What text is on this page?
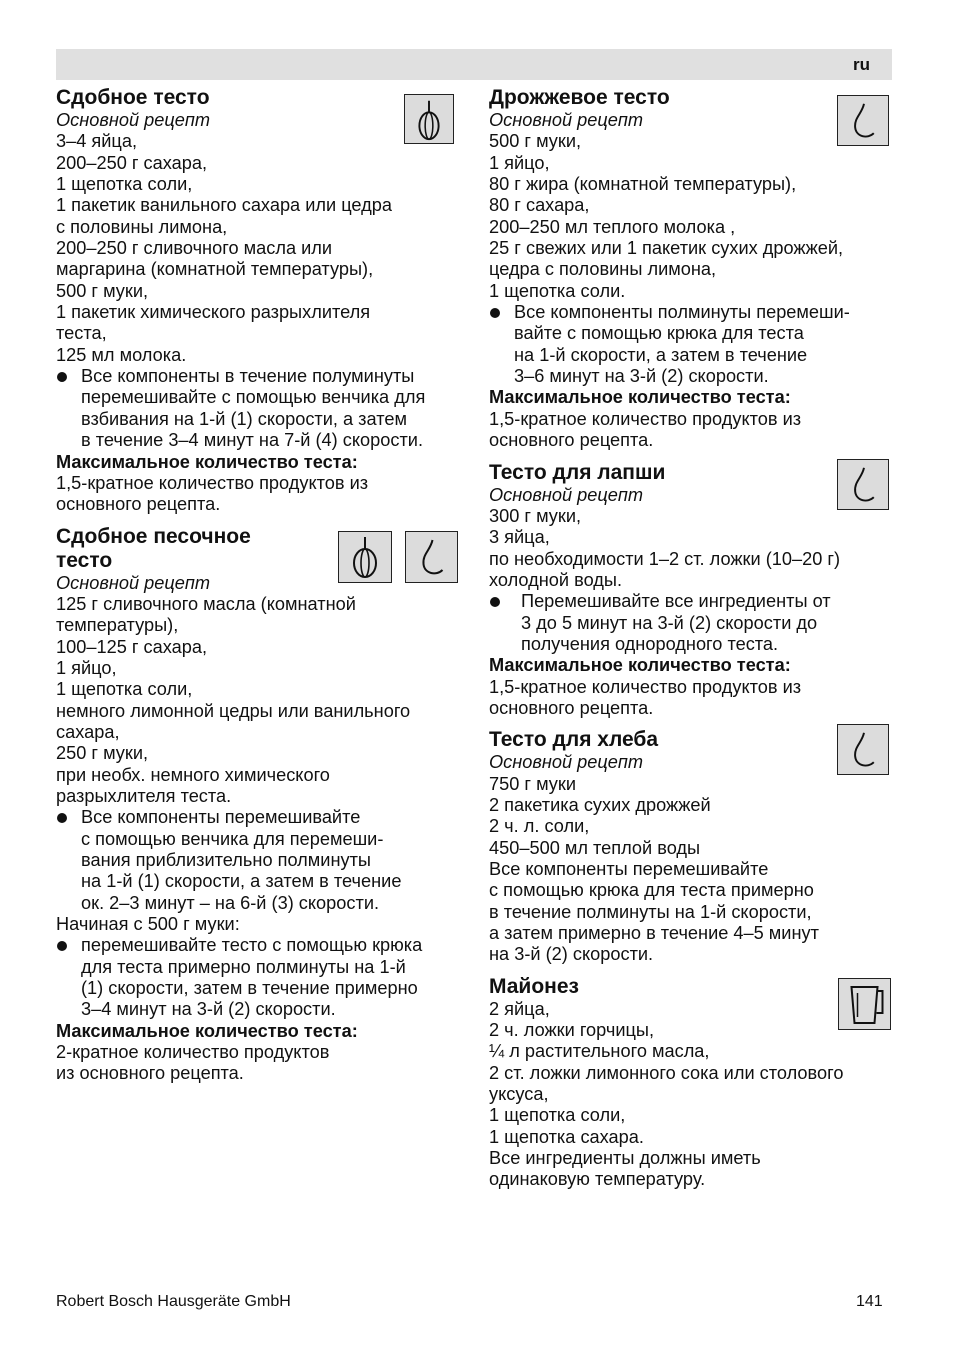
ru
Сдобное тесто
Основной рецепт
3–4 яйца,
200–250 г сахара,
1 щепотка соли,
1 пакетик ванильного сахара или цедра
с половины лимона,
200–250 г сливочного масла или
маргарина (комнатной температуры),
500 г муки,
1 пакетик химического разрыхлителя
теста,
125 мл молока.
Все компоненты в течение полуминуты
перемешивайте с помощью венчика для
взбивания на 1-й (1) скорости, а затем
в течение 3–4 минут на 7-й (4) скорости.
Максимальное количество теста:
1,5-кратное количество продуктов из
основного рецепта.
Сдобное песочное
тесто
Основной рецепт
125 г сливочного масла (комнатной
температуры),
100–125 г сахара,
1 яйцо,
1 щепотка соли,
немного лимонной цедры или ванильного
сахара,
250 г муки,
при необх. немного химического
разрыхлителя теста.
Все компоненты перемешивайте
с помощью венчика для перемеши-
вания приблизительно полминуты
на 1-й (1) скорости, а затем в течение
ок. 2–3 минут – на 6-й (3) скорости.
Начиная с 500 г муки:
перемешивайте тесто с помощью крюка
для теста примерно полминуты на 1-й
(1) скорости, затем в течение примерно
3–4 минут на 3-й (2) скорости.
Максимальное количество теста:
2-кратное количество продуктов
из основного рецепта.
Дрожжевое тесто
Основной рецепт
500 г муки,
1 яйцо,
80 г жира (комнатной температуры),
80 г сахара,
200–250 мл теплого молока ,
25 г свежих или 1 пакетик сухих дрожжей,
цедра с половины лимона,
1 щепотка соли.
Все компоненты полминуты перемеши-
вайте с помощью крюка для теста
на 1-й скорости, а затем в течение
3–6 минут на 3-й (2) скорости.
Максимальное количество теста:
1,5-кратное количество продуктов из
основного рецепта.
Тесто для лапши
Основной рецепт
300 г муки,
3 яйца,
по необходимости 1–2 ст. ложки (10–20 г)
холодной воды.
Перемешивайте все ингредиенты от
3 до 5 минут на 3-й (2) скорости до
получения однородного теста.
Максимальное количество теста:
1,5-кратное количество продуктов из
основного рецепта.
Тесто для хлеба
Основной рецепт
750 г муки
2 пакетика сухих дрожжей
2 ч. л. соли,
450–500 мл теплой воды
Все компоненты перемешивайте
с помощью крюка для теста примерно
в течение полминуты на 1-й скорости,
а затем примерно в течение 4–5 минут
на 3-й (2) скорости.
Майонез
2 яйца,
2 ч. ложки горчицы,
¼ л растительного масла,
2 ст. ложки лимонного сока или столового
уксуса,
1 щепотка соли,
1 щепотка сахара.
Все ингредиенты должны иметь
одинаковую температуру.
Robert Bosch Hausgeräte GmbH	141
